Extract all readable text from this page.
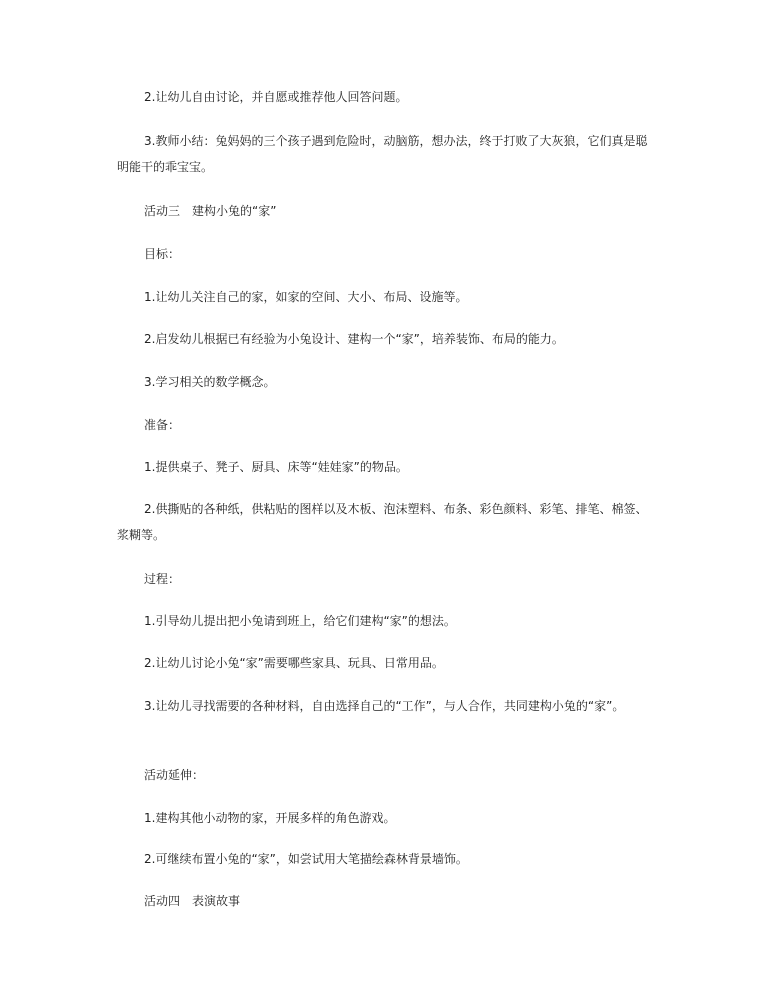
2.让幼儿自由讨论，并自愿或推荐他人回答问题。

3.教师小结：兔妈妈的三个孩子遇到危险时，动脑筋，想办法，终于打败了大灰狼，它们真是聪明能干的乖宝宝。

活动三　建构小兔的“家”

目标：

1.让幼儿关注自己的家，如家的空间、大小、布局、设施等。

2.启发幼儿根据已有经验为小兔设计、建构一个“家”，培养装饰、布局的能力。

3.学习相关的数学概念。

准备：

1.提供桌子、凳子、厨具、床等“娃娃家”的物品。

2.供撕贴的各种纸，供粘贴的图样以及木板、泡沫塑料、布条、彩色颜料、彩笔、排笔、棉签、浆糊等。

过程：

1.引导幼儿提出把小兔请到班上，给它们建构“家”的想法。

2.让幼儿讨论小兔“家”需要哪些家具、玩具、日常用品。

3.让幼儿寻找需要的各种材料，自由选择自己的“工作”，与人合作，共同建构小兔的“家”。

活动延伸：

1.建构其他小动物的家，开展多样的角色游戏。

2.可继续布置小兔的“家”，如尝试用大笔描绘森林背景墙饰。

活动四　表演故事
